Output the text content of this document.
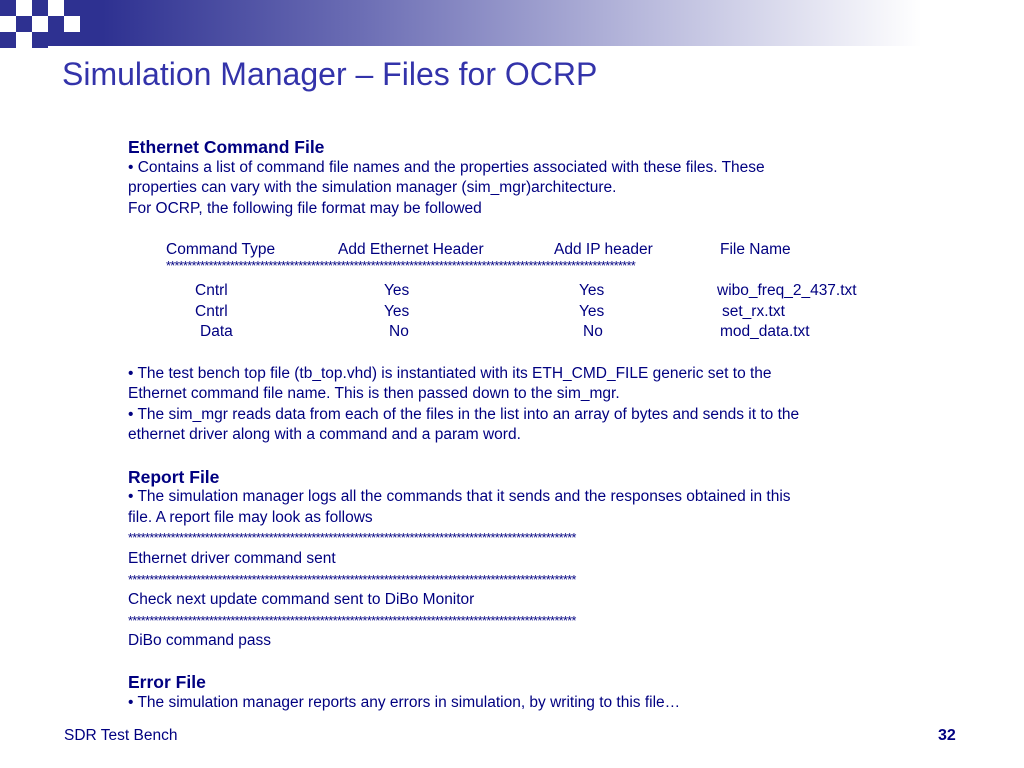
Simulation Manager – Files for OCRP

Ethernet Command File

• Contains a list of command file names and the properties associated with these files. These

properties can vary with the simulation manager (sim_mgr)architecture.

For OCRP, the following file format may be followed

Command Type	Add Ethernet Header	Add IP header	File Name
**************************************************************************************************************
Cntrl	Yes	Yes	wibo_freq_2_437.txt
Cntrl	Yes	Yes	set_rx.txt
Data	No	No	mod_data.txt

• The test bench top file (tb_top.vhd) is instantiated with its ETH_CMD_FILE generic set to the

Ethernet command file name. This is then passed down to the sim_mgr.

• The sim_mgr reads data from each of the files in the list into an array of bytes and sends it to the

ethernet driver along with a command and a param word.

Report File

• The simulation manager logs all the commands that it sends and the responses obtained in this

file. A report file may look as follows

*********************************************************************************************************

Ethernet driver command sent

*********************************************************************************************************

Check next update command sent to DiBo Monitor

*********************************************************************************************************

DiBo command pass

Error File

• The simulation manager reports any errors in simulation, by writing to this file…

SDR Test Bench	32
